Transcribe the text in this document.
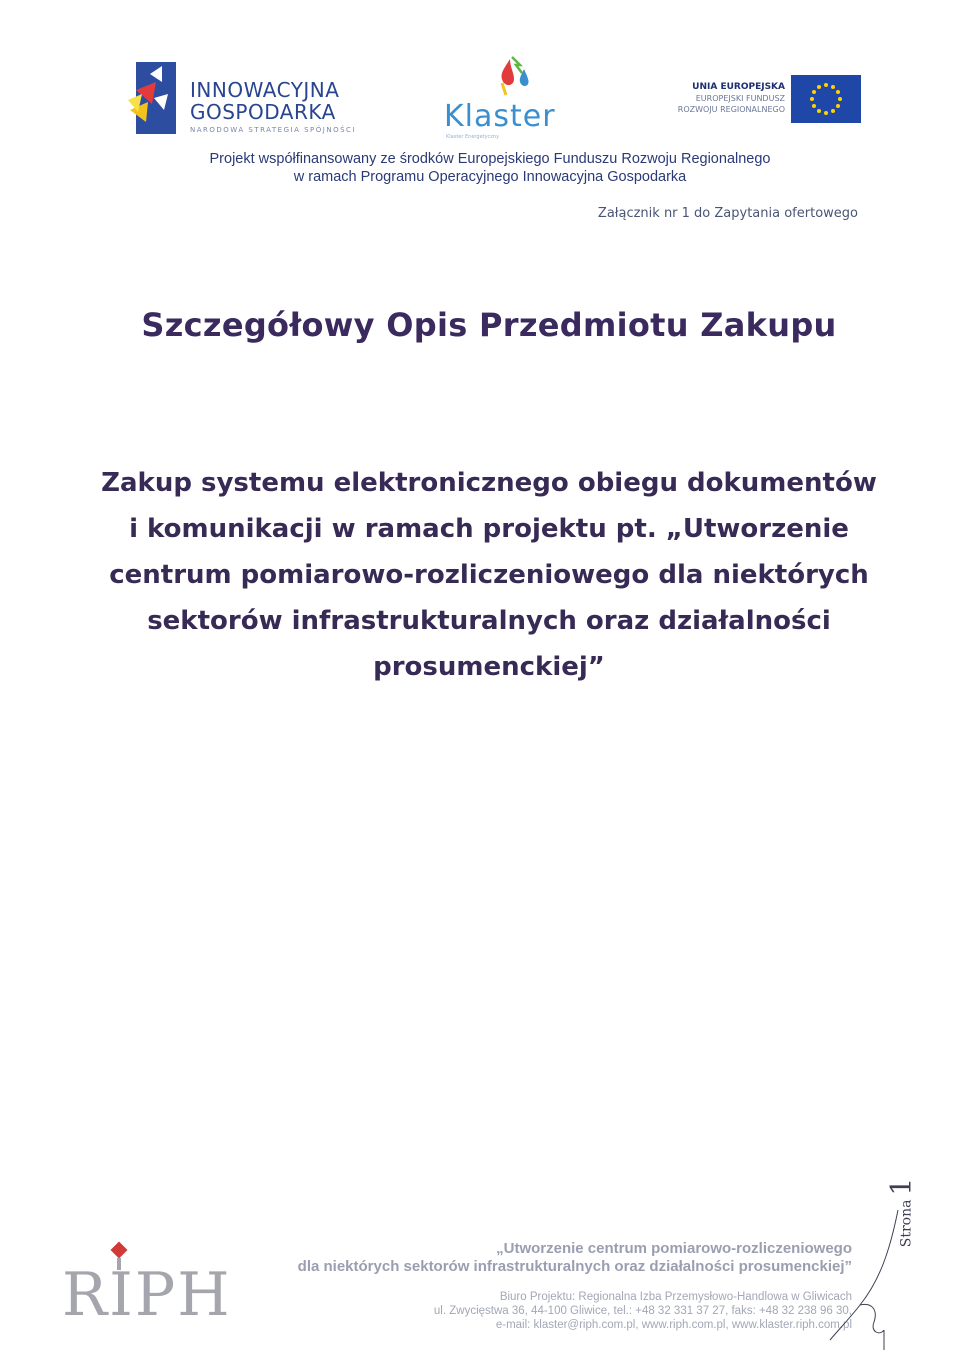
INNOWACYJNA
GOSPODARKA
NARODOWA STRATEGIA SPÓJNOŚCI	Klaster
Klaster Energetyczny
UNIA EUROPEJSKA
EUROPEJSKI FUNDUSZ
ROZWOJU REGIONALNEGO
Projekt współfinansowany ze środków Europejskiego Funduszu Rozwoju Regionalnego
w ramach Programu Operacyjnego Innowacyjna Gospodarka
Załącznik nr 1 do Zapytania ofertowego
Szczegółowy Opis Przedmiotu Zakupu
Zakup systemu elektronicznego obiegu dokumentów
i komunikacji w ramach projektu pt. „Utworzenie
centrum pomiarowo-rozliczeniowego dla niektórych
sektorów infrastrukturalnych oraz działalności
prosumenckiej”
RIPH
„Utworzenie centrum pomiarowo-rozliczeniowego
dla niektórych sektorów infrastrukturalnych oraz działalności prosumenckiej”
Biuro Projektu: Regionalna Izba Przemysłowo-Handlowa w Gliwicach
ul. Zwycięstwa 36, 44-100 Gliwice, tel.: +48 32 331 37 27, faks: +48 32 238 96 30,
e-mail: klaster@riph.com.pl, www.riph.com.pl, www.klaster.riph.com.pl
Strona1
